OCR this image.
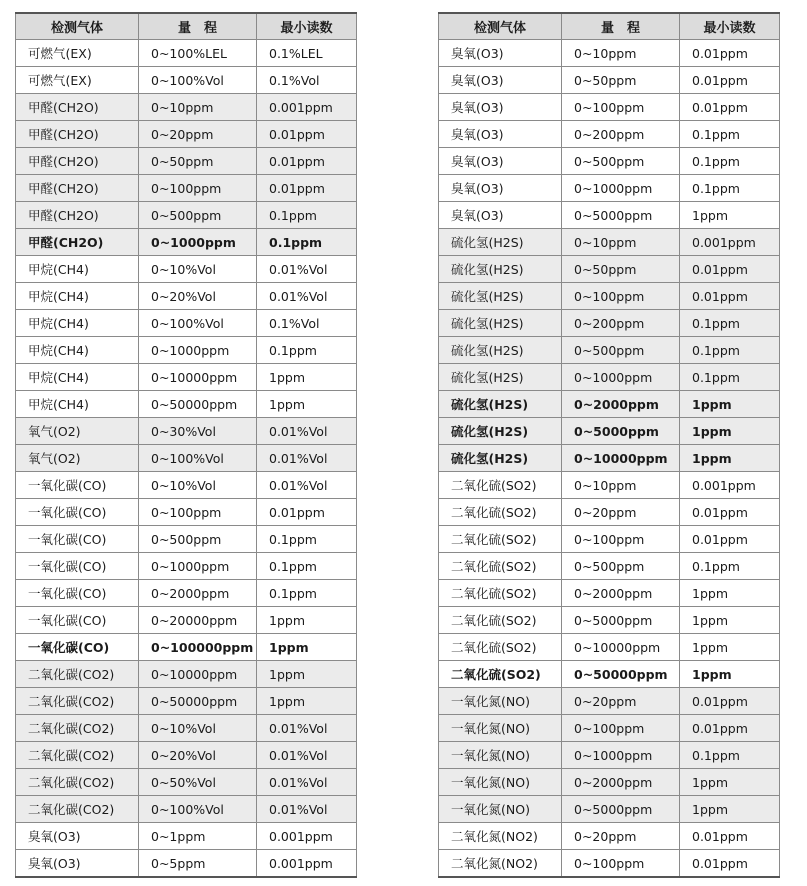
检测气体	量　程	最小读数
可燃气(EX)	0~100%LEL	0.1%LEL
可燃气(EX)	0~100%Vol	0.1%Vol
甲醛(CH2O)	0~10ppm	0.001ppm
甲醛(CH2O)	0~20ppm	0.01ppm
甲醛(CH2O)	0~50ppm	0.01ppm
甲醛(CH2O)	0~100ppm	0.01ppm
甲醛(CH2O)	0~500ppm	0.1ppm
甲醛(CH2O)	0~1000ppm	0.1ppm
甲烷(CH4)	0~10%Vol	0.01%Vol
甲烷(CH4)	0~20%Vol	0.01%Vol
甲烷(CH4)	0~100%Vol	0.1%Vol
甲烷(CH4)	0~1000ppm	0.1ppm
甲烷(CH4)	0~10000ppm	1ppm
甲烷(CH4)	0~50000ppm	1ppm
氧气(O2)	0~30%Vol	0.01%Vol
氧气(O2)	0~100%Vol	0.01%Vol
一氧化碳(CO)	0~10%Vol	0.01%Vol
一氧化碳(CO)	0~100ppm	0.01ppm
一氧化碳(CO)	0~500ppm	0.1ppm
一氧化碳(CO)	0~1000ppm	0.1ppm
一氧化碳(CO)	0~2000ppm	0.1ppm
一氧化碳(CO)	0~20000ppm	1ppm
一氧化碳(CO)	0~100000ppm	1ppm
二氧化碳(CO2)	0~10000ppm	1ppm
二氧化碳(CO2)	0~50000ppm	1ppm
二氧化碳(CO2)	0~10%Vol	0.01%Vol
二氧化碳(CO2)	0~20%Vol	0.01%Vol
二氧化碳(CO2)	0~50%Vol	0.01%Vol
二氧化碳(CO2)	0~100%Vol	0.01%Vol
臭氧(O3)	0~1ppm	0.001ppm
臭氧(O3)	0~5ppm	0.001ppm
检测气体	量　程	最小读数
臭氧(O3)	0~10ppm	0.01ppm
臭氧(O3)	0~50ppm	0.01ppm
臭氧(O3)	0~100ppm	0.01ppm
臭氧(O3)	0~200ppm	0.1ppm
臭氧(O3)	0~500ppm	0.1ppm
臭氧(O3)	0~1000ppm	0.1ppm
臭氧(O3)	0~5000ppm	1ppm
硫化氢(H2S)	0~10ppm	0.001ppm
硫化氢(H2S)	0~50ppm	0.01ppm
硫化氢(H2S)	0~100ppm	0.01ppm
硫化氢(H2S)	0~200ppm	0.1ppm
硫化氢(H2S)	0~500ppm	0.1ppm
硫化氢(H2S)	0~1000ppm	0.1ppm
硫化氢(H2S)	0~2000ppm	1ppm
硫化氢(H2S)	0~5000ppm	1ppm
硫化氢(H2S)	0~10000ppm	1ppm
二氧化硫(SO2)	0~10ppm	0.001ppm
二氧化硫(SO2)	0~20ppm	0.01ppm
二氧化硫(SO2)	0~100ppm	0.01ppm
二氧化硫(SO2)	0~500ppm	0.1ppm
二氧化硫(SO2)	0~2000ppm	1ppm
二氧化硫(SO2)	0~5000ppm	1ppm
二氧化硫(SO2)	0~10000ppm	1ppm
二氧化硫(SO2)	0~50000ppm	1ppm
一氧化氮(NO)	0~20ppm	0.01ppm
一氧化氮(NO)	0~100ppm	0.01ppm
一氧化氮(NO)	0~1000ppm	0.1ppm
一氧化氮(NO)	0~2000ppm	1ppm
一氧化氮(NO)	0~5000ppm	1ppm
二氧化氮(NO2)	0~20ppm	0.01ppm
二氧化氮(NO2)	0~100ppm	0.01ppm
